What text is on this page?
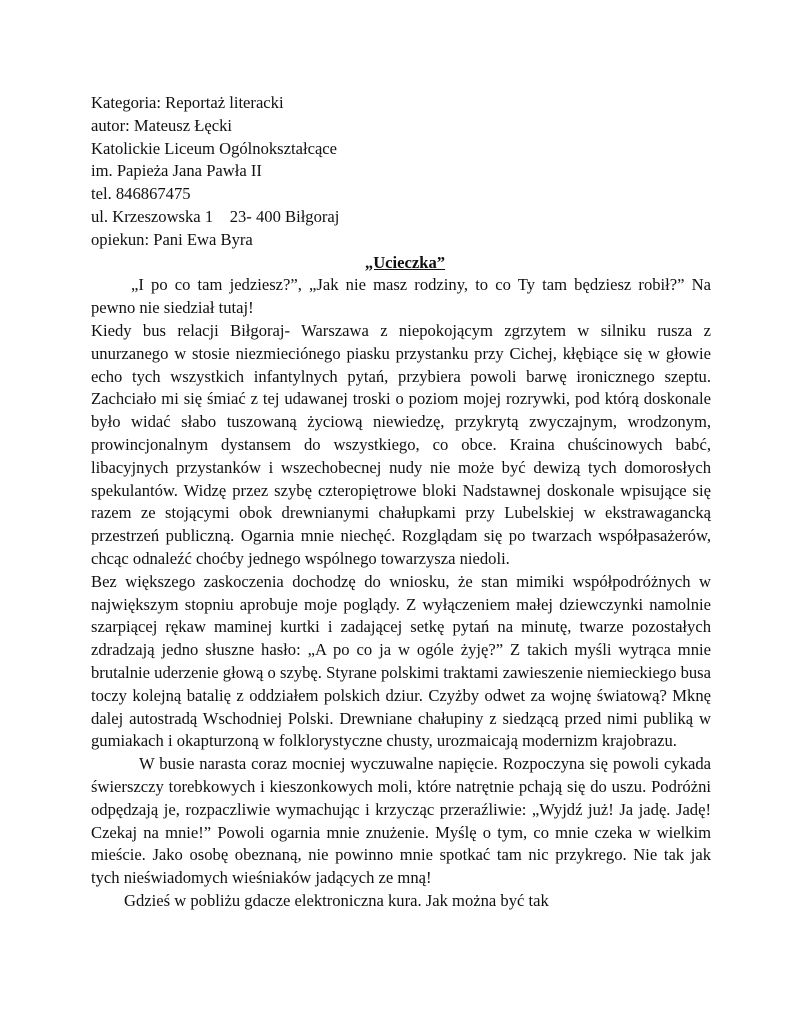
Kategoria: Reportaż literacki
autor: Mateusz Łęcki
Katolickie Liceum Ogólnokształcące
im. Papieża Jana Pawła II
tel. 846867475
ul. Krzeszowska 1    23- 400 Biłgoraj
opiekun: Pani Ewa Byra
„Ucieczka”

„I po co tam jedziesz?”, „Jak nie masz rodziny, to co Ty tam będziesz robił?” Na pewno nie siedział tutaj!

Kiedy bus relacji Biłgoraj- Warszawa z niepokojącym zgrzytem w silniku rusza z unurzanego w stosie niezmieciónego piasku przystanku przy Cichej, kłębiące się w głowie echo tych wszystkich infantylnych pytań, przybiera powoli barwę ironicznego szeptu. Zachciało mi się śmiać z tej udawanej troski o poziom mojej rozrywki, pod którą doskonale było widać słabo tuszowaną życiową niewiedzę, przykrytą zwyczajnym, wrodzonym, prowincjonalnym dystansem do wszystkiego, co obce. Kraina chuścinowych babć, libacyjnych przystanków i wszechobecnej nudy nie może być dewizą tych domorosłych spekulantów. Widzę przez szybę czteropiętrowe bloki Nadstawnej doskonale wpisujące się razem ze stojącymi obok drewnianymi chałupkami przy Lubelskiej w ekstrawagancką przestrzeń publiczną. Ogarnia mnie niechęć. Rozglądam się po twarzach współpasażerów, chcąc odnaleźć choćby jednego wspólnego towarzysza niedoli.

Bez większego zaskoczenia dochodzę do wniosku, że stan mimiki współpodróżnych w największym stopniu aprobuje moje poglądy. Z wyłączeniem małej dziewczynki namolnie szarpiącej rękaw maminej kurtki i zadającej setkę pytań na minutę, twarze pozostałych zdradzają jedno słuszne hasło: „A po co ja w ogóle żyję?” Z takich myśli wytrąca mnie brutalnie uderzenie głową o szybę. Styrane polskimi traktami zawieszenie niemieckiego busa toczy kolejną batalię z oddziałem polskich dziur. Czyżby odwet za wojnę światową? Mknę dalej autostradą Wschodniej Polski. Drewniane chałupiny z siedzącą przed nimi publiką w gumiakach i okapturzoną w folklorystyczne chusty, urozmaicają modernizm krajobrazu.

W busie narasta coraz mocniej wyczuwalne napięcie. Rozpoczyna się powoli cykada świerszczy torebkowych i kieszonkowych moli, które natrętnie pchają się do uszu. Podróżni odpędzają je, rozpaczliwie wymachując i krzycząc przeraźliwie: „Wyjdź już! Ja jadę. Jadę! Czekaj na mnie!” Powoli ogarnia mnie znużenie. Myślę o tym, co mnie czeka w wielkim mieście. Jako osobę obeznaną, nie powinno mnie spotkać tam nic przykrego. Nie tak jak tych nieświadomych wieśniaków jadących ze mną!

Gdzieś w pobliżu gdacze elektroniczna kura. Jak można być tak
